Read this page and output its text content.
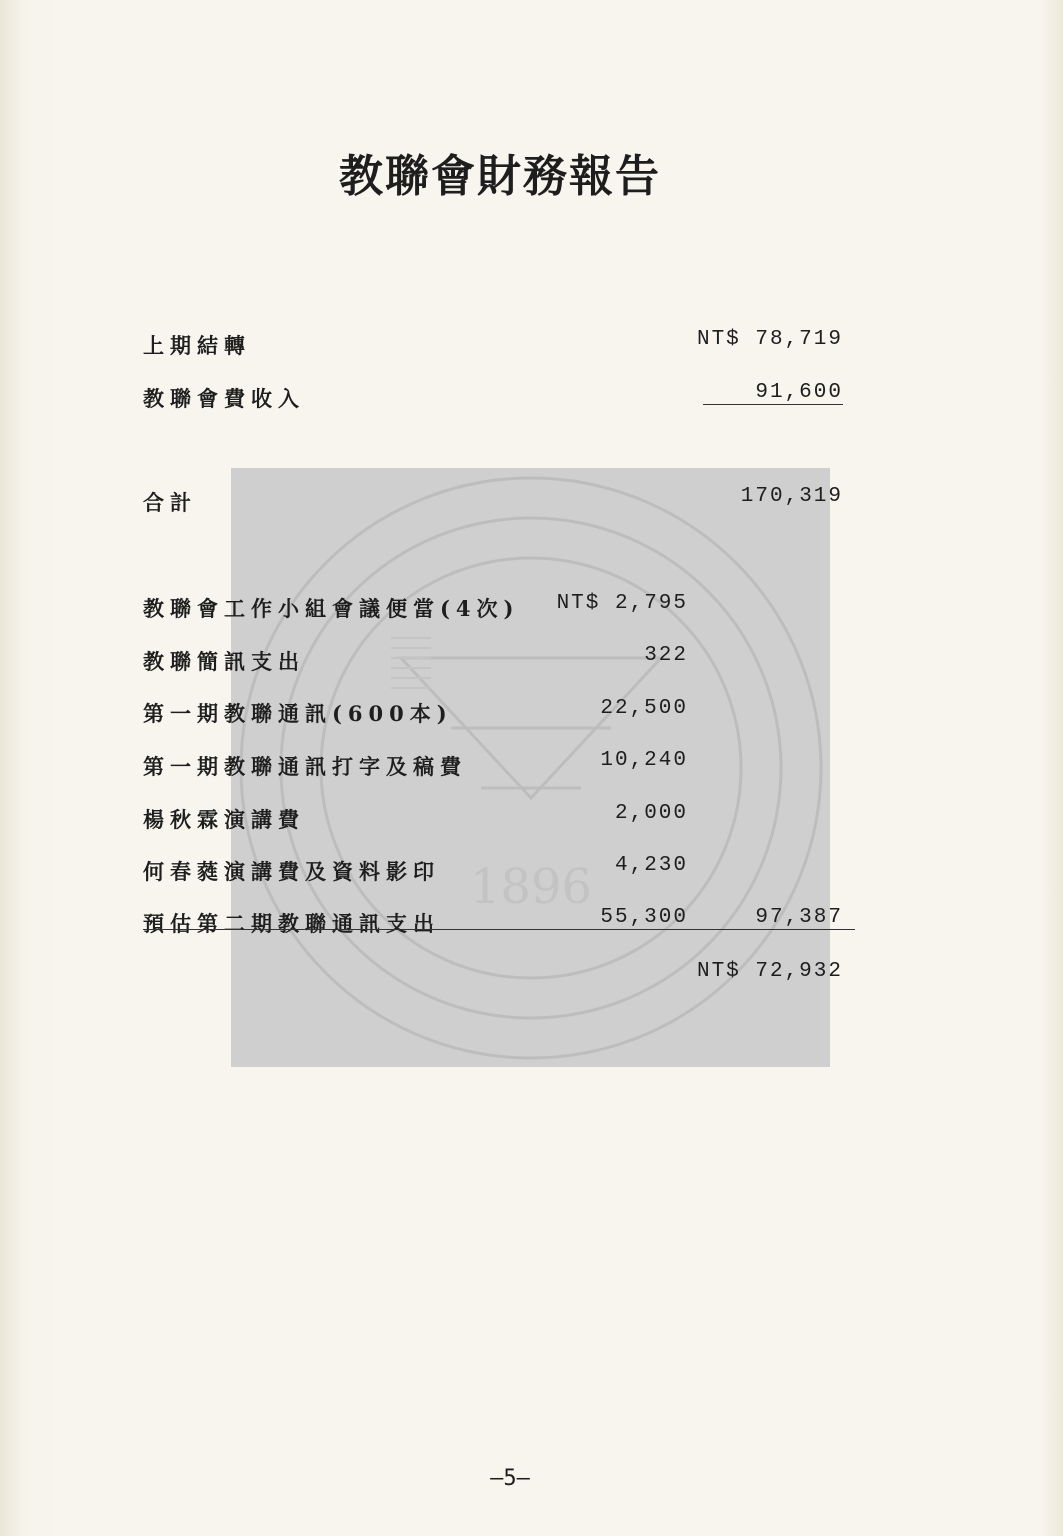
1896
教聯會財務報告
上期結轉	NT$ 78,719
教聯會費收入	91,600
合計	170,319
教聯會工作小組會議便當(4次) NT$ 2,795
教聯簡訊支出	322
第一期教聯通訊(600本)	22,500
第一期教聯通訊打字及稿費	10,240
楊秋霖演講費	2,000
何春蕤演講費及資料影印	4,230
預估第二期教聯通訊支出	55,300	97,387
NT$ 72,932
—5—
